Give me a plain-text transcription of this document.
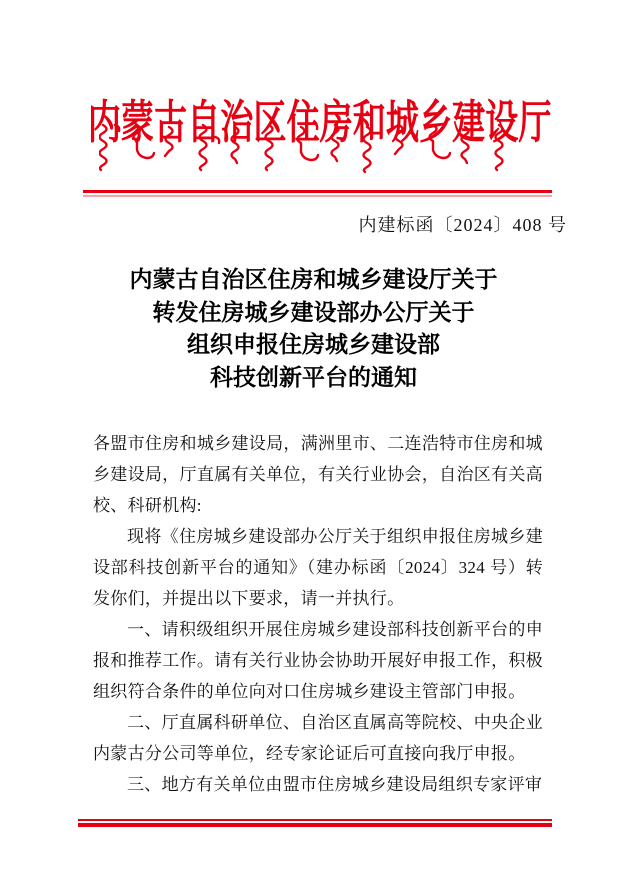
内蒙古自治区住房和城乡建设厅
内建标函〔2024〕408 号
内蒙古自治区住房和城乡建设厅关于
转发住房城乡建设部办公厅关于
组织申报住房城乡建设部
科技创新平台的通知

各盟市住房和城乡建设局，满洲里市、二连浩特市住房和城乡建设局，厅直属有关单位，有关行业协会，自治区有关高校、科研机构:

现将《住房城乡建设部办公厅关于组织申报住房城乡建设部科技创新平台的通知》（建办标函〔2024〕324 号）转发你们，并提出以下要求，请一并执行。

一、请积级组织开展住房城乡建设部科技创新平台的申报和推荐工作。请有关行业协会协助开展好申报工作，积极组织符合条件的单位向对口住房城乡建设主管部门申报。

二、厅直属科研单位、自治区直属高等院校、中央企业内蒙古分公司等单位，经专家论证后可直接向我厅申报。

三、地方有关单位由盟市住房城乡建设局组织专家评审
